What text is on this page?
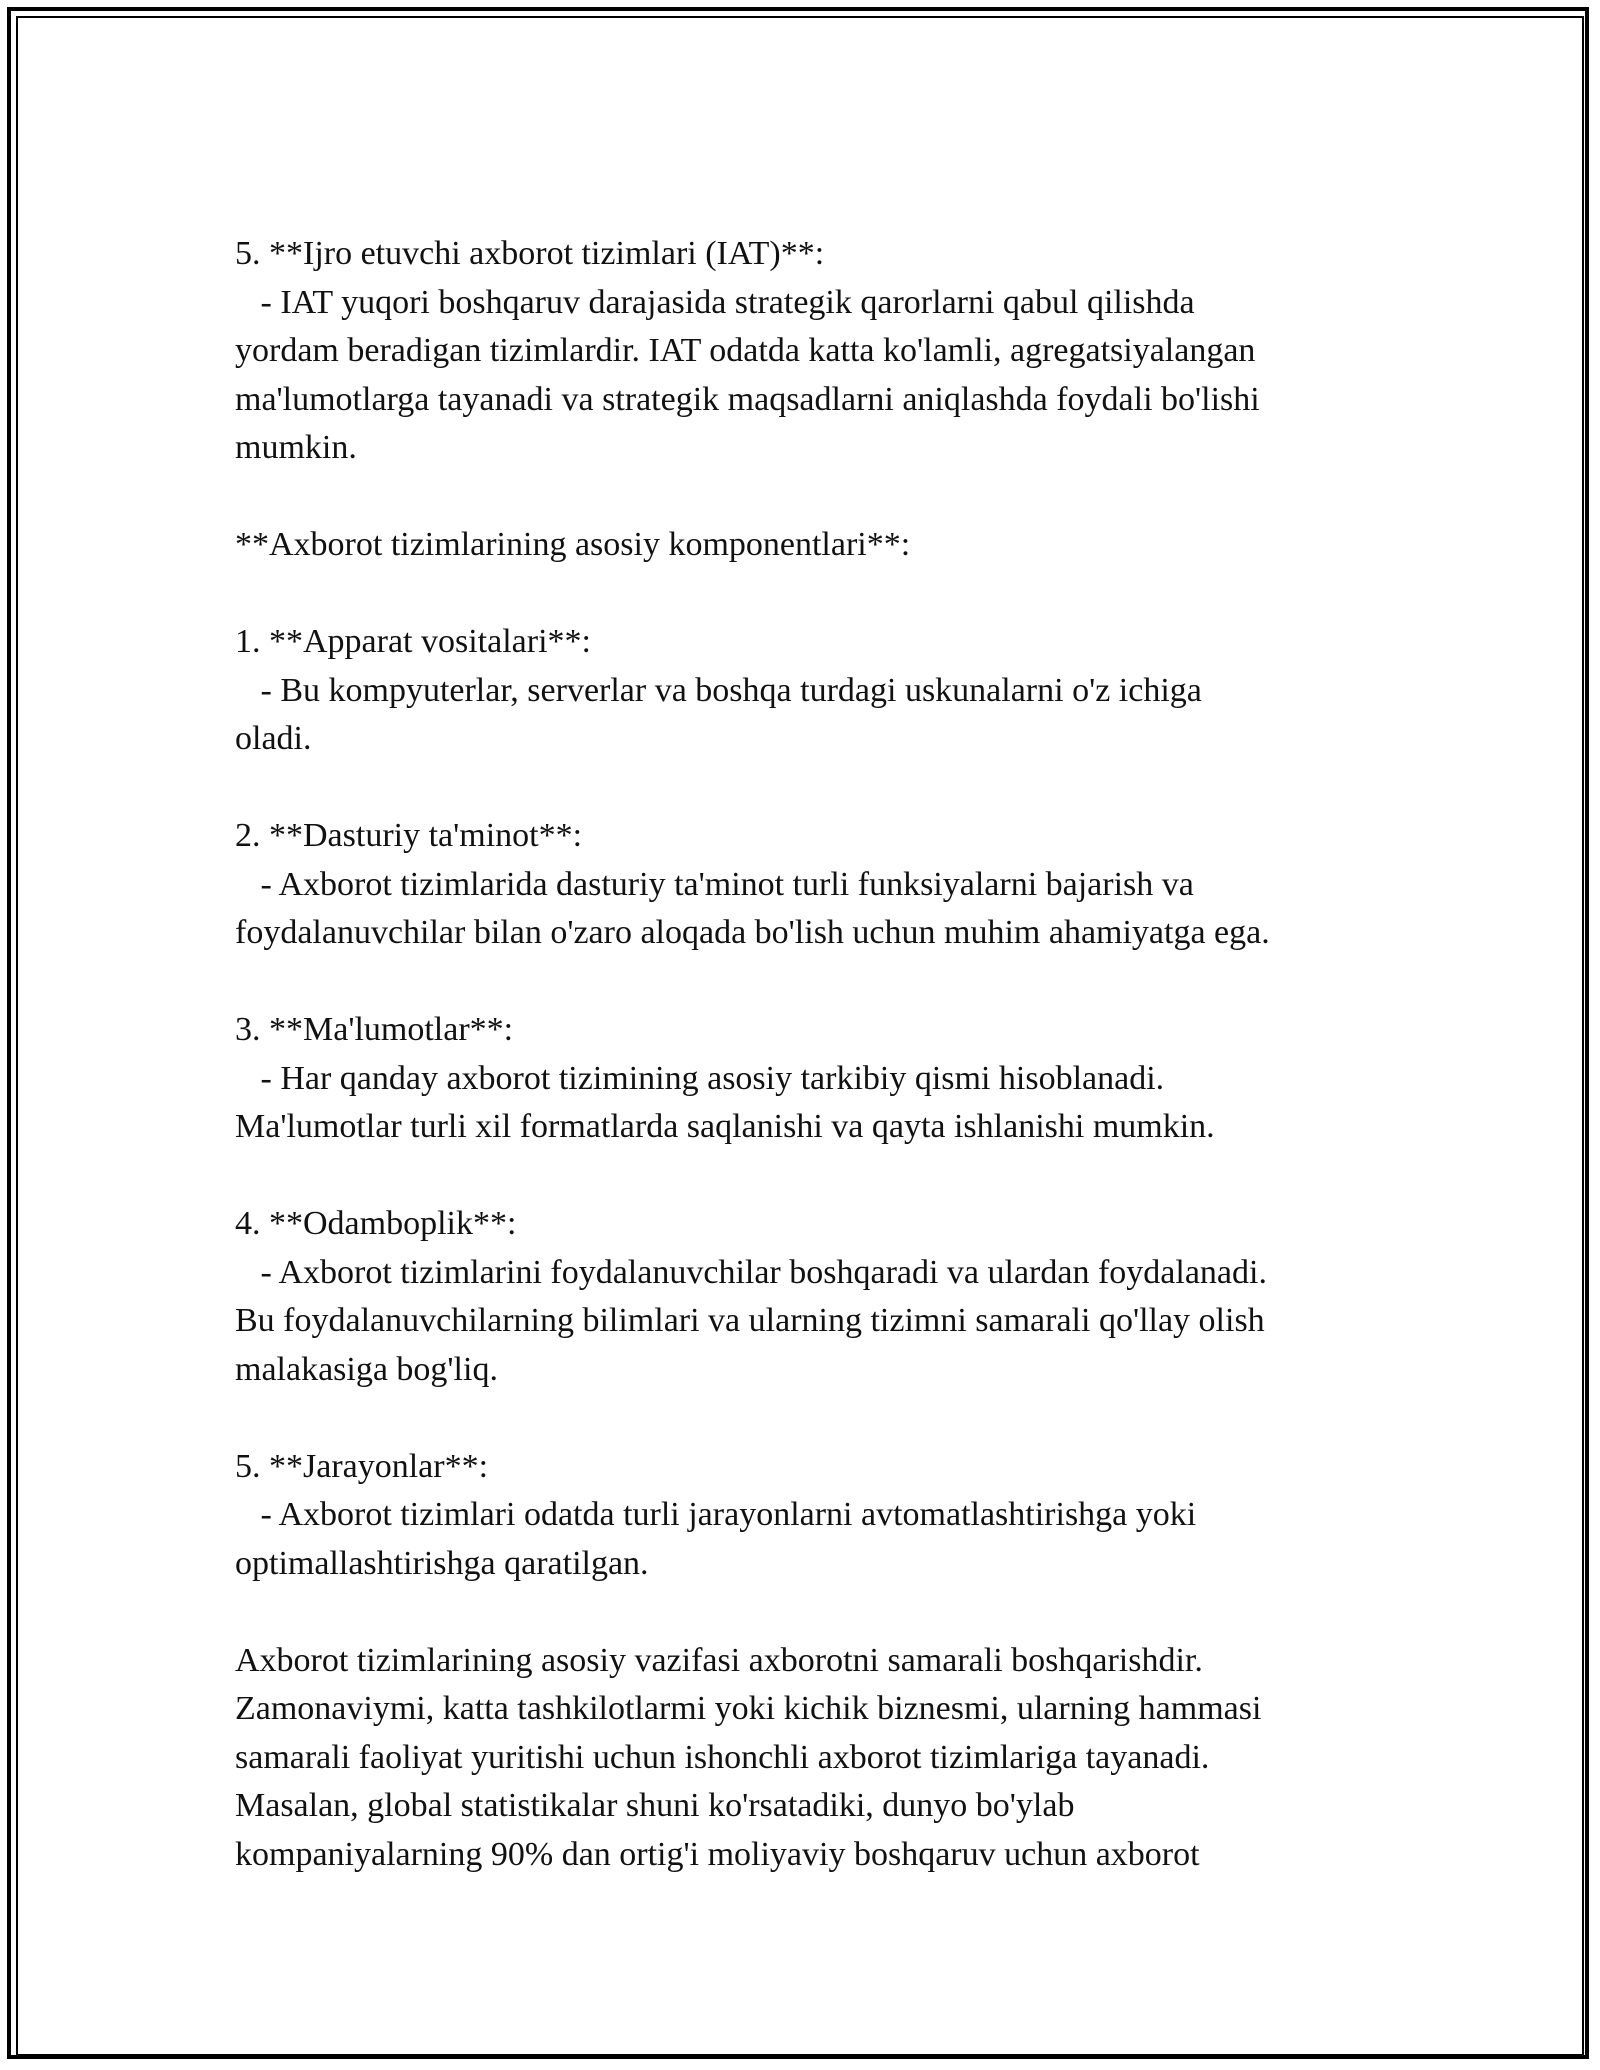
5. **Ijro etuvchi axborot tizimlari (IAT)**:
- IAT yuqori boshqaruv darajasida strategik qarorlarni qabul qilishda
yordam beradigan tizimlardir. IAT odatda katta ko'lamli, agregatsiyalangan
ma'lumotlarga tayanadi va strategik maqsadlarni aniqlashda foydali bo'lishi
mumkin.
**Axborot tizimlarining asosiy komponentlari**:
1. **Apparat vositalari**:
- Bu kompyuterlar, serverlar va boshqa turdagi uskunalarni o'z ichiga
oladi.
2. **Dasturiy ta'minot**:
- Axborot tizimlarida dasturiy ta'minot turli funksiyalarni bajarish va
foydalanuvchilar bilan o'zaro aloqada bo'lish uchun muhim ahamiyatga ega.
3. **Ma'lumotlar**:
- Har qanday axborot tizimining asosiy tarkibiy qismi hisoblanadi.
Ma'lumotlar turli xil formatlarda saqlanishi va qayta ishlanishi mumkin.
4. **Odamboplik**:
- Axborot tizimlarini foydalanuvchilar boshqaradi va ulardan foydalanadi.
Bu foydalanuvchilarning bilimlari va ularning tizimni samarali qo'llay olish
malakasiga bog'liq.
5. **Jarayonlar**:
- Axborot tizimlari odatda turli jarayonlarni avtomatlashtirishga yoki
optimallashtirishga qaratilgan.
Axborot tizimlarining asosiy vazifasi axborotni samarali boshqarishdir.
Zamonaviymi, katta tashkilotlarmi yoki kichik biznesmi, ularning hammasi
samarali faoliyat yuritishi uchun ishonchli axborot tizimlariga tayanadi.
Masalan, global statistikalar shuni ko'rsatadiki, dunyo bo'ylab
kompaniyalarning 90% dan ortig'i moliyaviy boshqaruv uchun axborot
